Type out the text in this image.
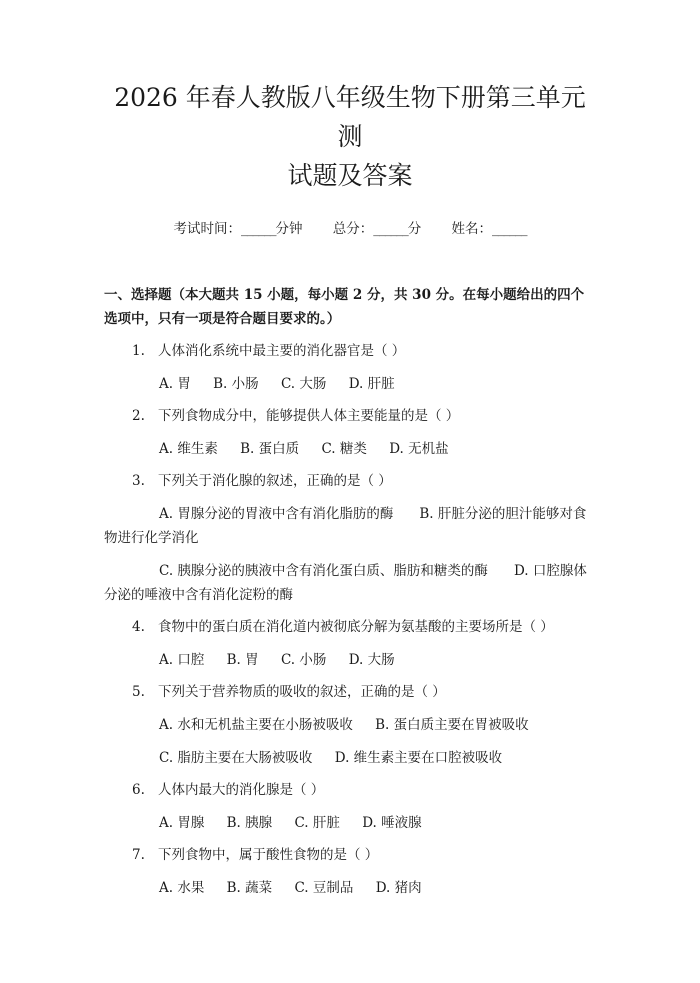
2026 年春人教版八年级生物下册第三单元测
试题及答案
考试时间：______分钟 总分：______分 姓名：______
一、选择题（本大题共 15 小题，每小题 2 分，共 30 分。在每小题给出的四个选项中，只有一项是符合题目要求的。）
1. 人体消化系统中最主要的消化器官是（ ）
A. 胃 B. 小肠 C. 大肠 D. 肝脏
2. 下列食物成分中，能够提供人体主要能量的是（ ）
A. 维生素 B. 蛋白质 C. 糖类 D. 无机盐
3. 下列关于消化腺的叙述，正确的是（ ）
A. 胃腺分泌的胃液中含有消化脂肪的酶 B. 肝脏分泌的胆汁能够对食物进行化学消化
C. 胰腺分泌的胰液中含有消化蛋白质、脂肪和糖类的酶 D. 口腔腺体分泌的唾液中含有消化淀粉的酶
4. 食物中的蛋白质在消化道内被彻底分解为氨基酸的主要场所是（ ）
A. 口腔 B. 胃 C. 小肠 D. 大肠
5. 下列关于营养物质的吸收的叙述，正确的是（ ）
A. 水和无机盐主要在小肠被吸收 B. 蛋白质主要在胃被吸收
C. 脂肪主要在大肠被吸收 D. 维生素主要在口腔被吸收
6. 人体内最大的消化腺是（ ）
A. 胃腺 B. 胰腺 C. 肝脏 D. 唾液腺
7. 下列食物中，属于酸性食物的是（ ）
A. 水果 B. 蔬菜 C. 豆制品 D. 猪肉
